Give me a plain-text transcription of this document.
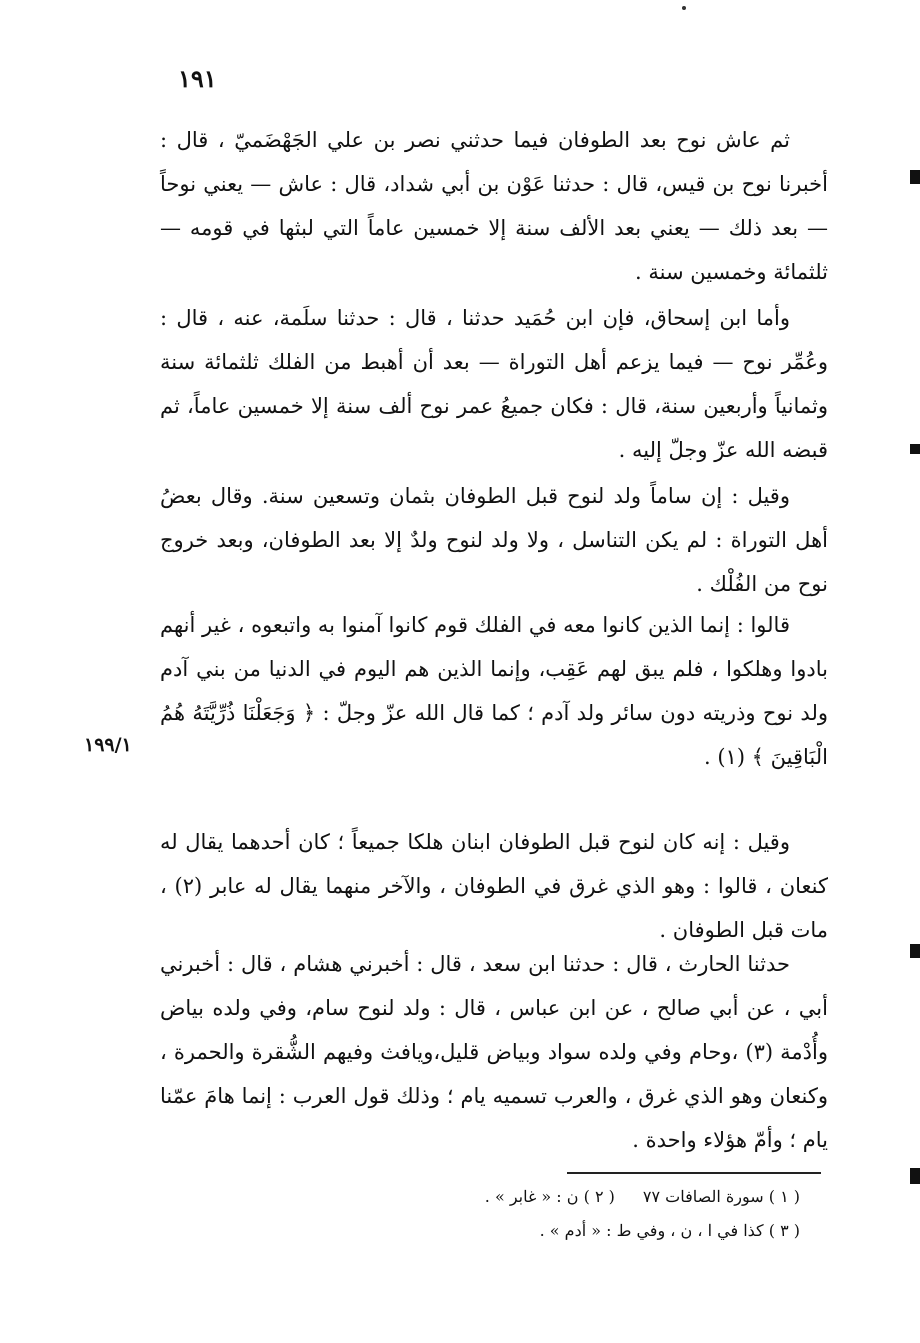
١٩١

ثم عاش نوح بعد الطوفان فيما حدثني نصر بن علي الجَهْضَميّ ، قال : أخبرنا نوح بن قيس، قال : حدثنا عَوْن بن أبي شداد، قال : عاش — يعني نوحاً — بعد ذلك — يعني بعد الألف سنة إلا خمسين عاماً التي لبثها في قومه — ثلثمائة وخمسين سنة .

وأما ابن إسحاق، فإن ابن حُمَيد حدثنا ، قال : حدثنا سلَمة، عنه ، قال : وعُمِّر نوح — فيما يزعم أهل التوراة — بعد أن أهبط من الفلك ثلثمائة سنة وثمانياً وأربعين سنة، قال : فكان جميعُ عمر نوح ألف سنة إلا خمسين عاماً، ثم قبضه الله عزّ وجلّ إليه .

وقيل : إن ساماً ولد لنوح قبل الطوفان بثمان وتسعين سنة. وقال بعضُ أهل التوراة : لم يكن التناسل ، ولا ولد لنوح ولدٌ إلا بعد الطوفان، وبعد خروج نوح من الفُلْك .

قالوا : إنما الذين كانوا معه في الفلك قوم كانوا آمنوا به واتبعوه ، غير أنهم بادوا وهلكوا ، فلم يبق لهم عَقِب، وإنما الذين هم اليوم في الدنيا من بني آدم ولد نوح وذريته دون سائر ولد آدم ؛ كما قال الله عزّ وجلّ : ﴿ وَجَعَلْنَا ذُرِّيَّتَهُ هُمُ الْبَاقِينَ ﴾ (١) .

١٩٩/١

وقيل : إنه كان لنوح قبل الطوفان ابنان هلكا جميعاً ؛ كان أحدهما يقال له كنعان ، قالوا : وهو الذي غرق في الطوفان ، والآخر منهما يقال له عابر (٢) ، مات قبل الطوفان .

حدثنا الحارث ، قال : حدثنا ابن سعد ، قال : أخبرني هشام ، قال : أخبرني أبي ، عن أبي صالح ، عن ابن عباس ، قال : ولد لنوح سام، وفي ولده بياض وأُدْمة (٣) ،وحام وفي ولده سواد وبياض قليل،ويافث وفيهم الشُّقرة والحمرة ، وكنعان وهو الذي غرق ، والعرب تسميه يام ؛ وذلك قول العرب : إنما هامَ عمّنا يام ؛ وأمّ هؤلاء واحدة .

( ١ ) سورة الصافات ٧٧( ٢ ) ن : « غابر » .

( ٣ ) كذا في ا ، ن ، وفي ط : « أدم » .
